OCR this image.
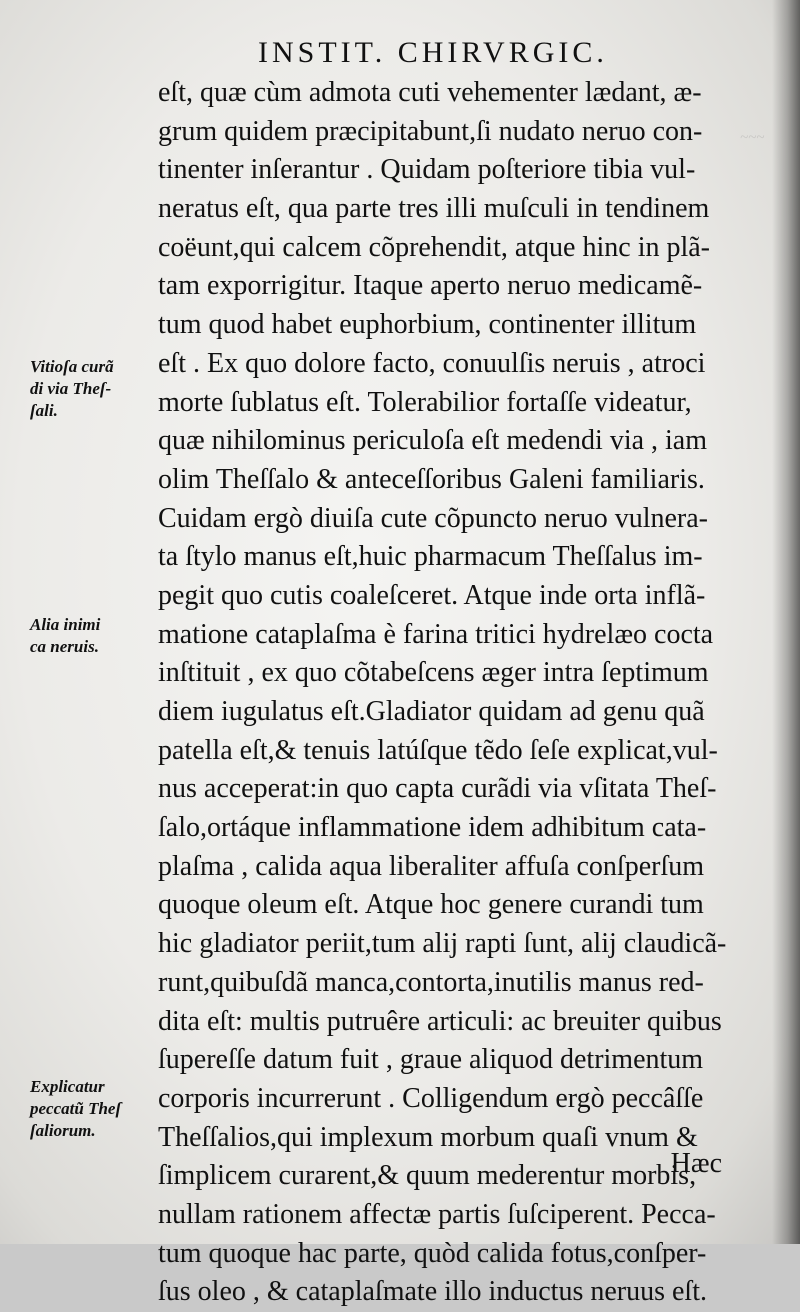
~~~
INSTIT. CHIRVRGIC.
eſt, quæ cùm admota cuti vehementer lædant, æ-
grum quidem præcipitabunt,ſi nudato neruo con-
tinenter inſerantur . Quidam poſteriore tibia vul-
neratus eſt, qua parte tres illi muſculi in tendinem
coëunt,qui calcem cõprehendit, atque hinc in plã-
tam exporrigitur. Itaque aperto neruo medicamẽ-
tum quod habet euphorbium, continenter illitum
eſt . Ex quo dolore facto, conuulſis neruis , atroci
morte ſublatus eſt. Tolerabilior fortaſſe videatur,
quæ nihilominus periculoſa eſt medendi via , iam
olim Theſſalo & anteceſſoribus Galeni familiaris.
Cuidam ergò diuiſa cute cõpuncto neruo vulnera-
ta ſtylo manus eſt,huic pharmacum Theſſalus im-
pegit quo cutis coaleſceret. Atque inde orta inflã-
matione cataplaſma è farina tritici hydrelæo cocta
inſtituit , ex quo cõtabeſcens æger intra ſeptimum
diem iugulatus eſt.Gladiator quidam ad genu quã
patella eſt,& tenuis latúſque tẽdo ſeſe explicat,vul-
nus acceperat:in quo capta curãdi via vſitata Theſ-
ſalo,ortáque inflammatione idem adhibitum cata-
plaſma , calida aqua liberaliter affuſa conſperſum
quoque oleum eſt. Atque hoc genere curandi tum
hic gladiator periit,tum alij rapti ſunt, alij claudicã-
runt,quibuſdã manca,contorta,inutilis manus red-
dita eſt: multis putruêre articuli: ac breuiter quibus
ſupereſſe datum fuit , graue aliquod detrimentum
corporis incurrerunt . Colligendum ergò peccâſſe
Theſſalios,qui implexum morbum quaſi vnum &
ſimplicem curarent,& quum mederentur morbis,
nullam rationem affectæ partis ſuſciperent. Pecca-
tum quoque hac parte, quòd calida fotus,conſper-
ſus oleo , & cataplaſmate illo inductus neruus eſt.
Hæc
Vitioſa curã
di via Theſ-
ſali.
Alia inimi
ca neruis.
Explicatur
peccatũ Theſ
ſaliorum.
